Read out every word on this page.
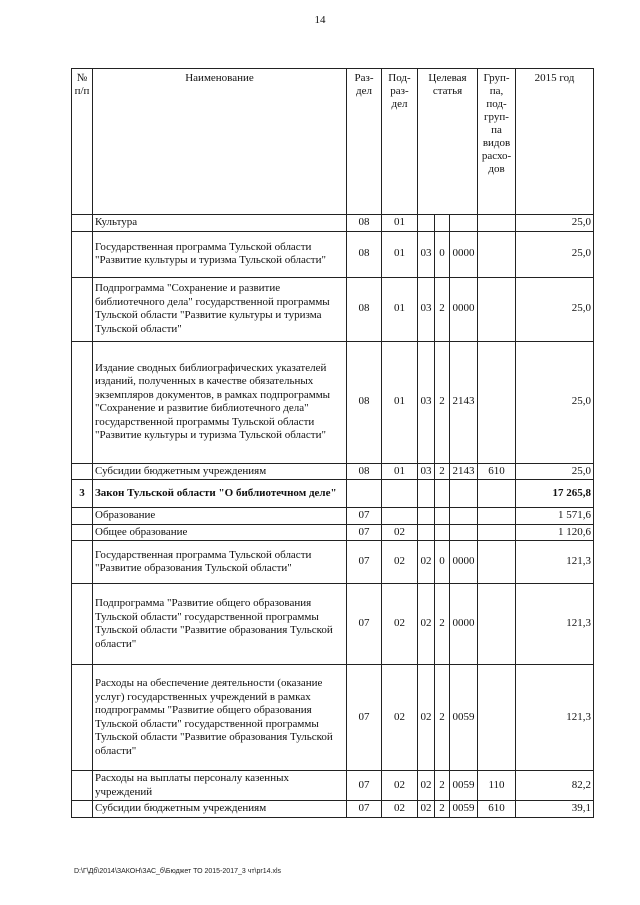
14
№ п/п	Наименование	Раз- дел	Под- раз- дел	Целевая статья			Груп- па, под- груп- па видов расхо- дов	2015 год
	Культура	08	01					25,0
	Государственная программа Тульской области "Развитие культуры и туризма Тульской области"	08	01	03	0	0000		25,0
	Подпрограмма "Сохранение и развитие библиотечного дела" государственной программы Тульской области "Развитие культуры и туризма Тульской области"	08	01	03	2	0000		25,0
	Издание сводных библиографических указателей изданий, полученных в качестве обязательных экземпляров документов, в рамках подпрограммы "Сохранение и развитие библиотечного дела" государственной программы Тульской области "Развитие культуры и туризма Тульской области"	08	01	03	2	2143		25,0
	Субсидии бюджетным учреждениям	08	01	03	2	2143	610	25,0
3	Закон Тульской области "О библиотечном деле"							17 265,8
	Образование	07						1 571,6
	Общее образование	07	02					1 120,6
	Государственная программа Тульской области "Развитие образования Тульской области"	07	02	02	0	0000		121,3
	Подпрограмма "Развитие общего образования Тульской области" государственной программы Тульской области "Развитие образования Тульской области"	07	02	02	2	0000		121,3
	Расходы на обеспечение деятельности (оказание услуг) государственных учреждений в рамках подпрограммы "Развитие общего образования Тульской области" государственной программы Тульской области "Развитие образования Тульской области"	07	02	02	2	0059		121,3
	Расходы на выплаты персоналу казенных учреждений	07	02	02	2	0059	110	82,2
	Субсидии бюджетным учреждениям	07	02	02	2	0059	610	39,1
D:\Г\Дб\2014\ЗАКОН\ЗАС_б\Бюджет ТО 2015-2017_3 чт\pr14.xls
